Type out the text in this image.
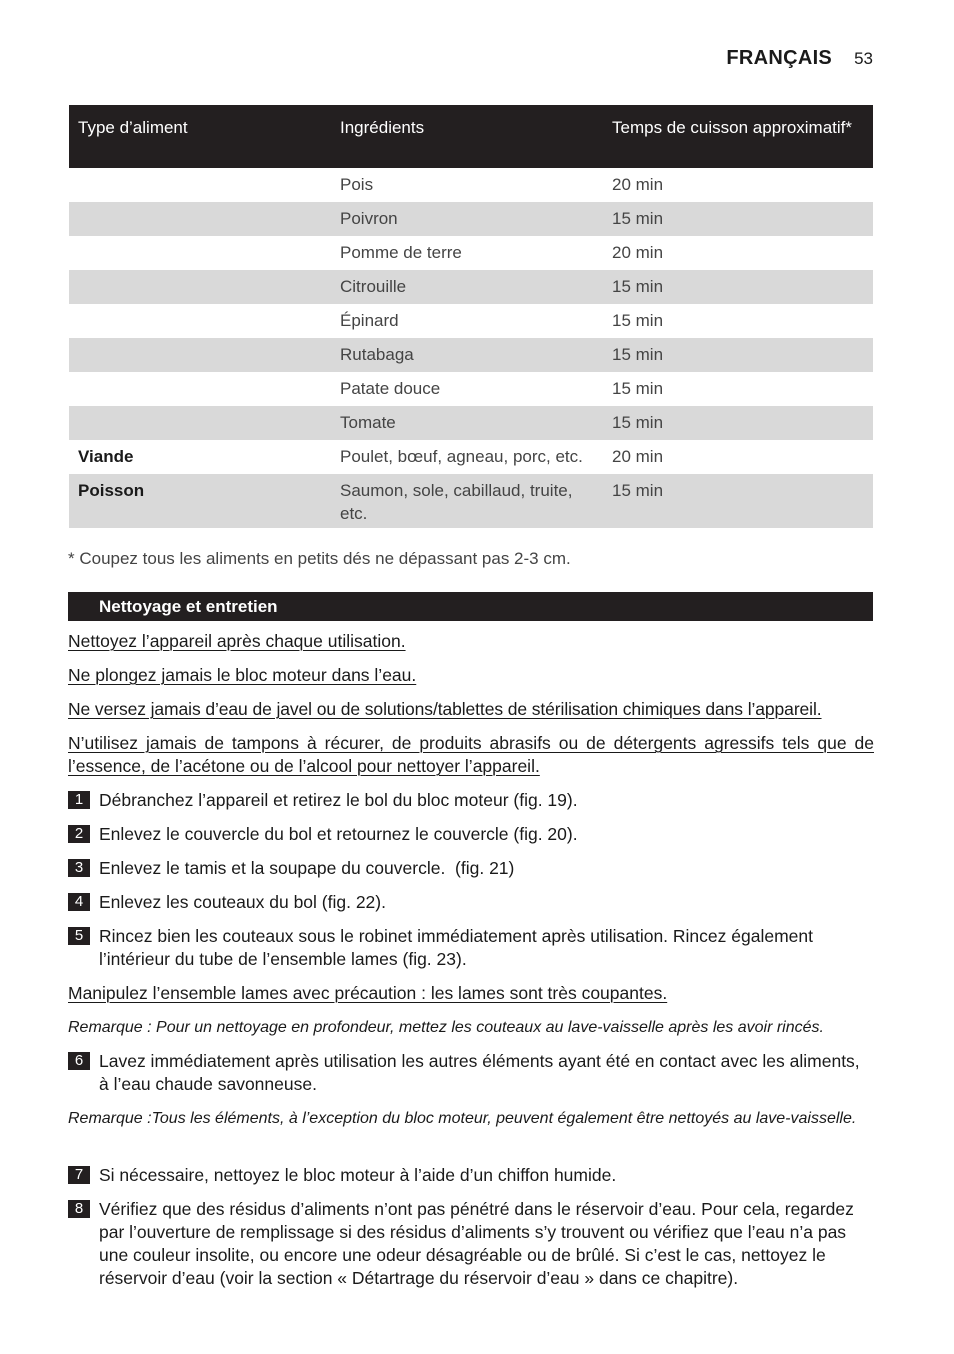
FRANÇAIS 53
Type d’aliment	Ingrédients	Temps de cuisson approximatif*
	Pois	20 min
	Poivron	15 min
	Pomme de terre	20 min
	Citrouille	15 min
	Épinard	15 min
	Rutabaga	15 min
	Patate douce	15 min
	Tomate	15 min
Viande	Poulet, bœuf, agneau, porc, etc.	20 min
Poisson	Saumon, sole, cabillaud, truite, etc.	15 min
* Coupez tous les aliments en petits dés ne dépassant pas 2-3 cm.
Nettoyage et entretien
Nettoyez l’appareil après chaque utilisation.
Ne plongez jamais le bloc moteur dans l’eau.
Ne versez jamais d’eau de javel ou de solutions/tablettes de stérilisation chimiques dans l’appareil.
N’utilisez jamais de tampons à récurer, de produits abrasifs ou de détergents agressifs tels que de l’essence, de l’acétone ou de l’alcool pour nettoyer l’appareil.
1 Débranchez l’appareil et retirez le bol du bloc moteur (fig. 19).
2 Enlevez le couvercle du bol et retournez le couvercle (fig. 20).
3 Enlevez le tamis et la soupape du couvercle.  (fig. 21)
4 Enlevez les couteaux du bol (fig. 22).
5 Rincez bien les couteaux sous le robinet immédiatement après utilisation. Rincez également l’intérieur du tube de l’ensemble lames (fig. 23).
Manipulez l’ensemble lames avec précaution : les lames sont très coupantes.
Remarque : Pour un nettoyage en profondeur, mettez les couteaux au lave-vaisselle après les avoir rincés.
6 Lavez immédiatement après utilisation les autres éléments ayant été en contact avec les aliments, à l’eau chaude savonneuse.
Remarque :Tous les éléments, à l’exception du bloc moteur, peuvent également être nettoyés au lave-vaisselle.
7 Si nécessaire, nettoyez le bloc moteur à l’aide d’un chiffon humide.
8 Vérifiez que des résidus d’aliments n’ont pas pénétré dans le réservoir d’eau. Pour cela, regardez par l’ouverture de remplissage si des résidus d’aliments s’y trouvent ou vérifiez que l’eau n’a pas une couleur insolite, ou encore une odeur désagréable ou de brûlé. Si c’est le cas, nettoyez le réservoir d’eau (voir la section « Détartrage du réservoir d’eau » dans ce chapitre).
